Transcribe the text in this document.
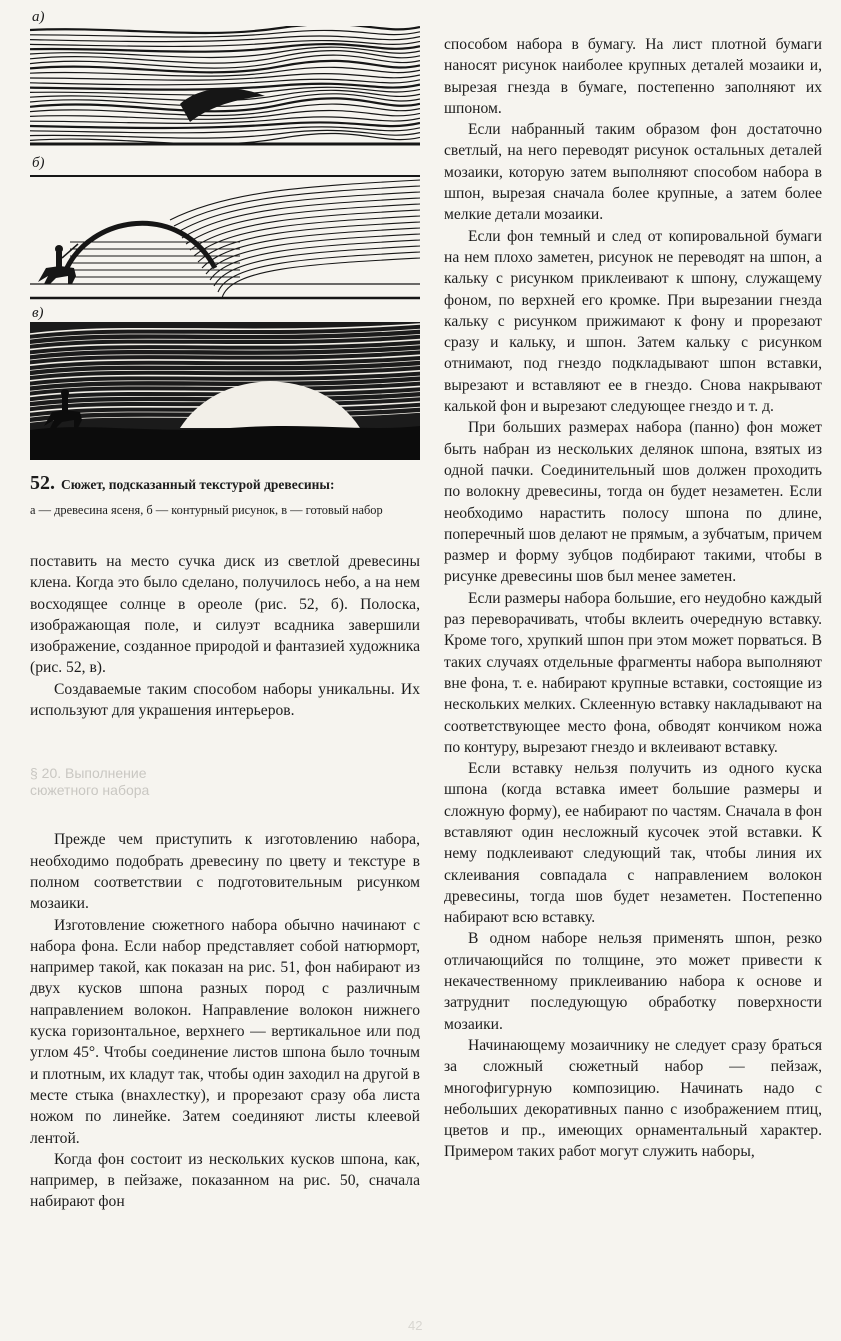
а)
б)
в)
52. Сюжет, подсказанный текстурой древесины:
а — древесина ясеня, б — контурный рисунок, в — готовый набор

поставить на место сучка диск из светлой древесины клена. Когда это было сделано, получилось небо, а на нем восходящее солнце в ореоле (рис. 52, б). Полоска, изображающая поле, и силуэт всадника завершили изображение, созданное природой и фантазией художника (рис. 52, в).

Создаваемые таким способом наборы уникальны. Их используют для украшения интерьеров.

§ 20. Выполнение
сюжетного набора

Прежде чем приступить к изготовлению набора, необходимо подобрать древесину по цвету и текстуре в полном соответствии с подготовительным рисунком мозаики.

Изготовление сюжетного набора обычно начинают с набора фона. Если набор представляет собой натюрморт, например такой, как показан на рис. 51, фон набирают из двух кусков шпона разных пород с различным направлением волокон. Направление волокон нижнего куска горизонтальное, верхнего — вертикальное или под углом 45°. Чтобы соединение листов шпона было точным и плотным, их кладут так, чтобы один заходил на другой в месте стыка (внахлестку), и прорезают сразу оба листа ножом по линейке. Затем соединяют листы клеевой лентой.

Когда фон состоит из нескольких кусков шпона, как, например, в пейзаже, показанном на рис. 50, сначала набирают фон

способом набора в бумагу. На лист плотной бумаги наносят рисунок наиболее крупных деталей мозаики и, вырезая гнезда в бумаге, постепенно заполняют их шпоном.

Если набранный таким образом фон достаточно светлый, на него переводят рисунок остальных деталей мозаики, которую затем выполняют способом набора в шпон, вырезая сначала более крупные, а затем более мелкие детали мозаики.

Если фон темный и след от копировальной бумаги на нем плохо заметен, рисунок не переводят на шпон, а кальку с рисунком приклеивают к шпону, служащему фоном, по верхней его кромке. При вырезании гнезда кальку с рисунком прижимают к фону и прорезают сразу и кальку, и шпон. Затем кальку с рисунком отнимают, под гнездо подкладывают шпон вставки, вырезают и вставляют ее в гнездо. Снова накрывают калькой фон и вырезают следующее гнездо и т. д.

При больших размерах набора (панно) фон может быть набран из нескольких делянок шпона, взятых из одной пачки. Соединительный шов должен проходить по волокну древесины, тогда он будет незаметен. Если необходимо нарастить полосу шпона по длине, поперечный шов делают не прямым, а зубчатым, причем размер и форму зубцов подбирают такими, чтобы в рисунке древесины шов был менее заметен.

Если размеры набора большие, его неудобно каждый раз переворачивать, чтобы вклеить очередную вставку. Кроме того, хрупкий шпон при этом может порваться. В таких случаях отдельные фрагменты набора выполняют вне фона, т. е. набирают крупные вставки, состоящие из нескольких мелких. Склеенную вставку накладывают на соответствующее место фона, обводят кончиком ножа по контуру, вырезают гнездо и вклеивают вставку.

Если вставку нельзя получить из одного куска шпона (когда вставка имеет большие размеры и сложную форму), ее набирают по частям. Сначала в фон вставляют один несложный кусочек этой вставки. К нему подклеивают следующий так, чтобы линия их склеивания совпадала с направлением волокон древесины, тогда шов будет незаметен. Постепенно набирают всю вставку.

В одном наборе нельзя применять шпон, резко отличающийся по толщине, это может привести к некачественному приклеиванию набора к основе и затруднит последующую обработку поверхности мозаики.

Начинающему мозаичнику не следует сразу браться за сложный сюжетный набор — пейзаж, многофигурную композицию. Начинать надо с небольших декоративных панно с изображением птиц, цветов и пр., имеющих орнаментальный характер. Примером таких работ могут служить наборы,

42
